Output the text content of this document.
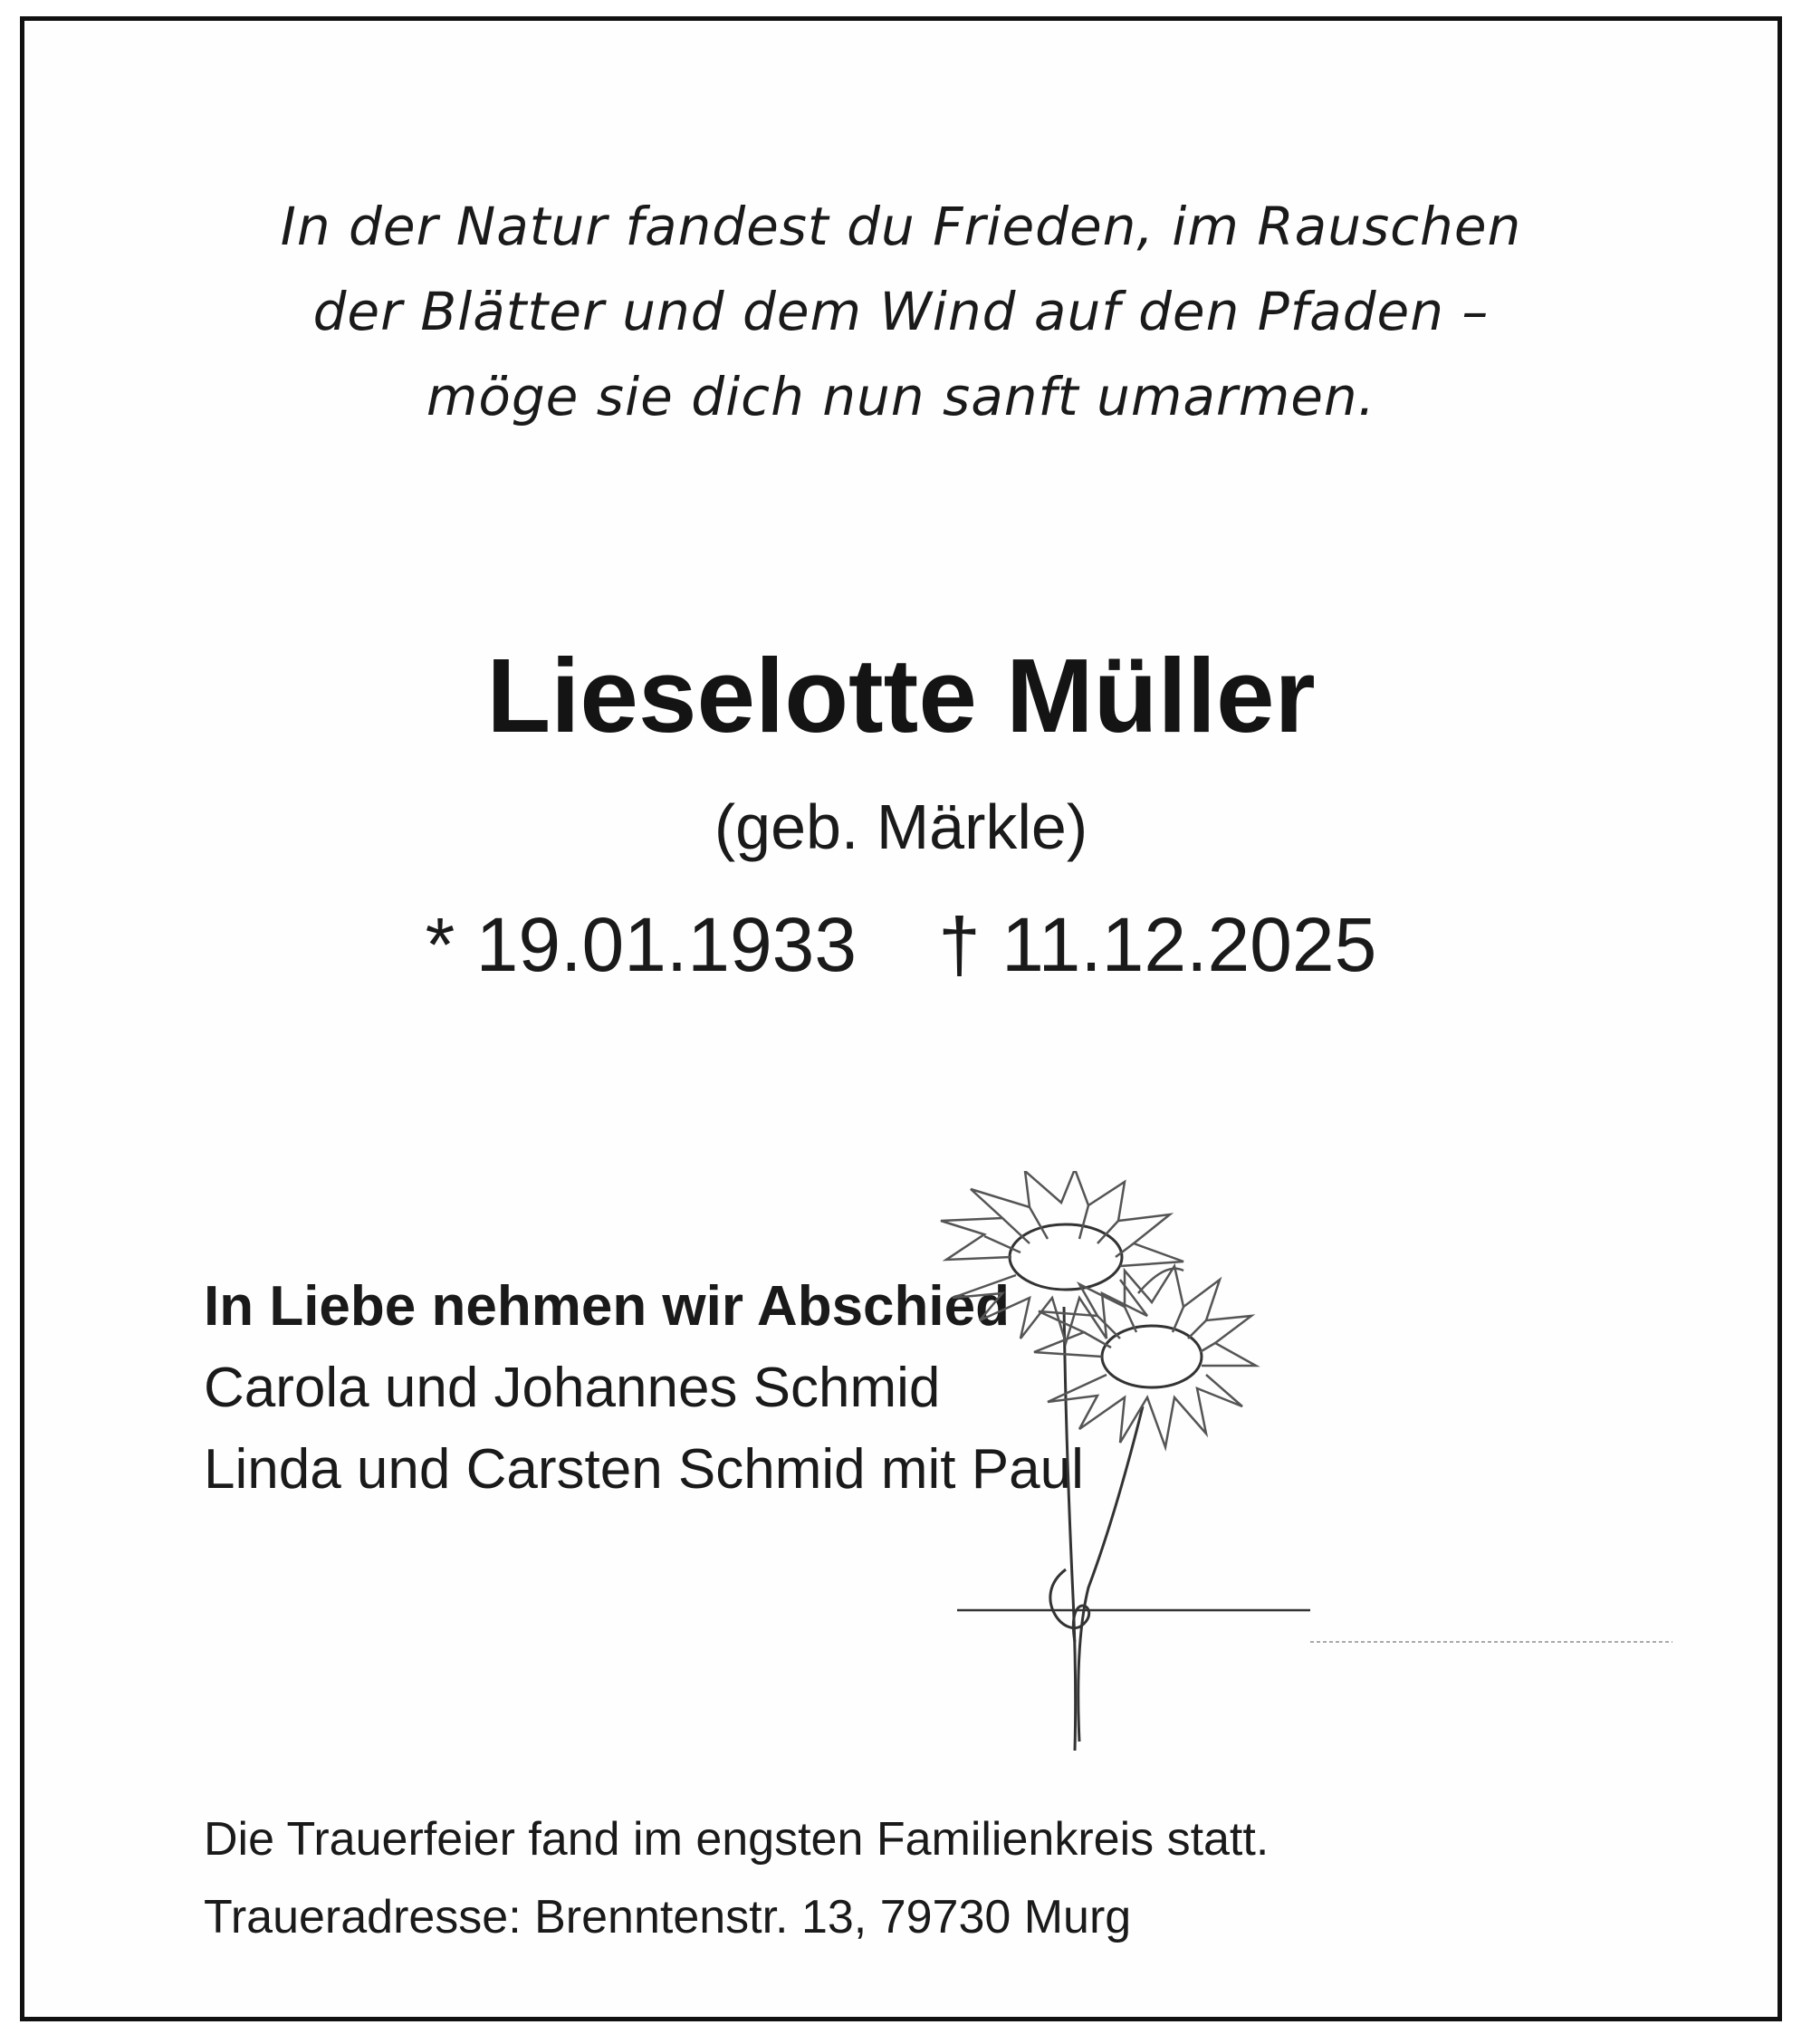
In der Natur fandest du Frieden, im Rauschen
der Blätter und dem Wind auf den Pfaden –
möge sie dich nun sanft umarmen.
Lieselotte Müller
(geb. Märkle)
* 19.01.1933 † 11.12.2025
In Liebe nehmen wir Abschied
Carola und Johannes Schmid
Linda und Carsten Schmid mit Paul
Die Trauerfeier fand im engsten Familienkreis statt.
Traueradresse: Brenntenstr. 13, 79730 Murg
